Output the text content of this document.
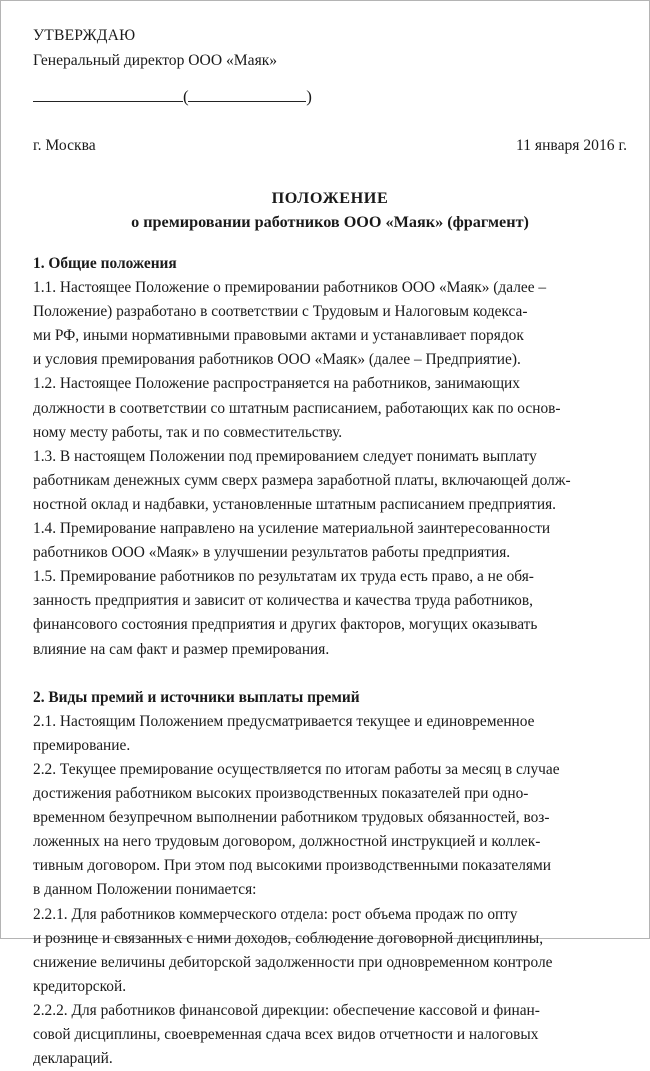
УТВЕРЖДАЮ
Генеральный директор ООО «Маяк»
(	)
г. Москва	11 января 2016 г.
ПОЛОЖЕНИЕ
о премировании работников ООО «Маяк» (фрагмент)
1. Общие положения

1.1. Настоящее Положение о премировании работников ООО «Маяк» (далее –
Положение) разработано в соответствии с Трудовым и Налоговым кодекса-
ми РФ, иными нормативными правовыми актами и устанавливает порядок
и условия премирования работников ООО «Маяк» (далее – Предприятие).

1.2. Настоящее Положение распространяется на работников, занимающих
должности в соответствии со штатным расписанием, работающих как по основ-
ному месту работы, так и по совместительству.

1.3. В настоящем Положении под премированием следует понимать выплату
работникам денежных сумм сверх размера заработной платы, включающей долж-
ностной оклад и надбавки, установленные штатным расписанием предприятия.

1.4. Премирование направлено на усиление материальной заинтересованности
работников ООО «Маяк» в улучшении результатов работы предприятия.

1.5. Премирование работников по результатам их труда есть право, а не обя-
занность предприятия и зависит от количества и качества труда работников,
финансового состояния предприятия и других факторов, могущих оказывать
влияние на сам факт и размер премирования.

2. Виды премий и источники выплаты премий

2.1. Настоящим Положением предусматривается текущее и единовременное
премирование.

2.2. Текущее премирование осуществляется по итогам работы за месяц в случае
достижения работником высоких производственных показателей при одно-
временном безупречном выполнении работником трудовых обязанностей, воз-
ложенных на него трудовым договором, должностной инструкцией и коллек-
тивным договором. При этом под высокими производственными показателями
в данном Положении понимается:

2.2.1. Для работников коммерческого отдела: рост объема продаж по опту
и рознице и связанных с ними доходов, соблюдение договорной дисциплины,
снижение величины дебиторской задолженности при одновременном контроле
кредиторской.

2.2.2. Для работников финансовой дирекции: обеспечение кассовой и финан-
совой дисциплины, своевременная сдача всех видов отчетности и налоговых
деклараций.
